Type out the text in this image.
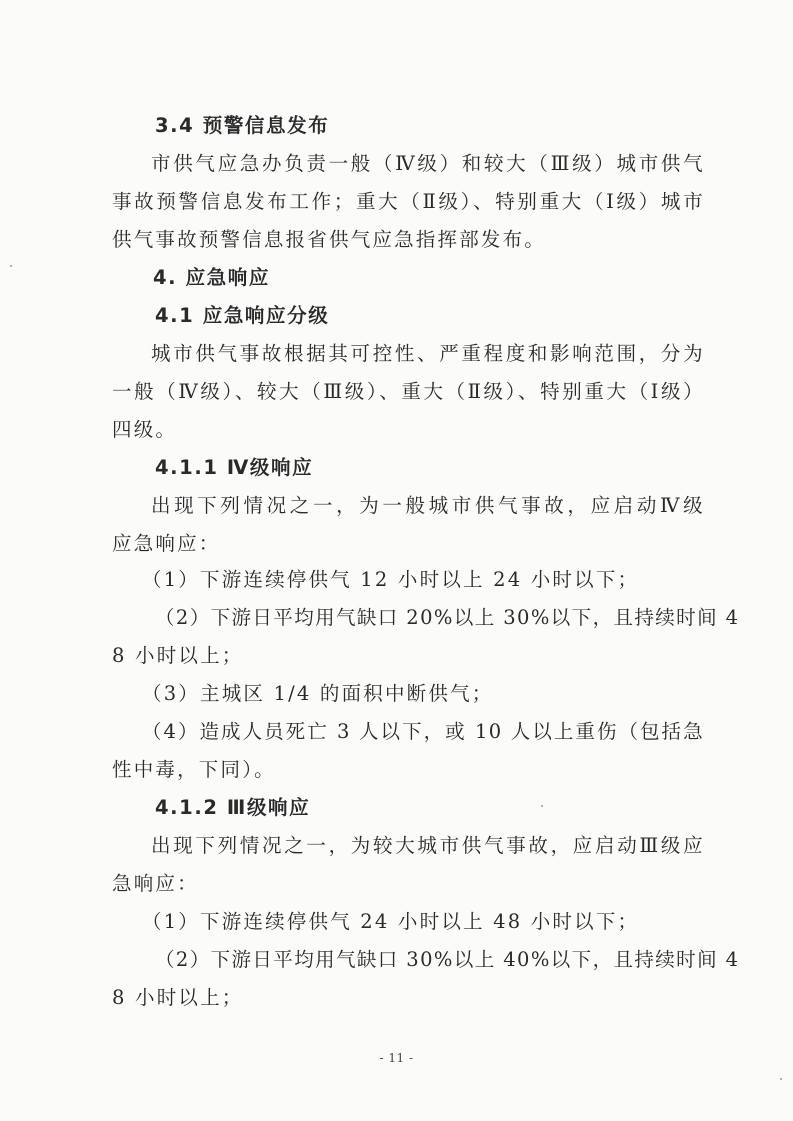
3.4 预警信息发布
市供气应急办负责一般（Ⅳ级）和较大（Ⅲ级）城市供气
事故预警信息发布工作；重大（Ⅱ级）、特别重大（Ⅰ级）城市
供气事故预警信息报省供气应急指挥部发布。
4. 应急响应
4.1 应急响应分级
城市供气事故根据其可控性、严重程度和影响范围，分为
一般（Ⅳ级）、较大（Ⅲ级）、重大（Ⅱ级）、特别重大（Ⅰ级）
四级。
4.1.1 Ⅳ级响应
出现下列情况之一，为一般城市供气事故，应启动Ⅳ级
应急响应：
（1）下游连续停供气 12 小时以上 24 小时以下；
（2）下游日平均用气缺口 20%以上 30%以下，且持续时间 4
8 小时以上；
（3）主城区 1/4 的面积中断供气；
（4）造成人员死亡 3 人以下，或 10 人以上重伤（包括急
性中毒，下同）。
4.1.2 Ⅲ级响应
出现下列情况之一，为较大城市供气事故，应启动Ⅲ级应
急响应：
（1）下游连续停供气 24 小时以上 48 小时以下；
（2）下游日平均用气缺口 30%以上 40%以下，且持续时间 4
8 小时以上；
- 11 -
